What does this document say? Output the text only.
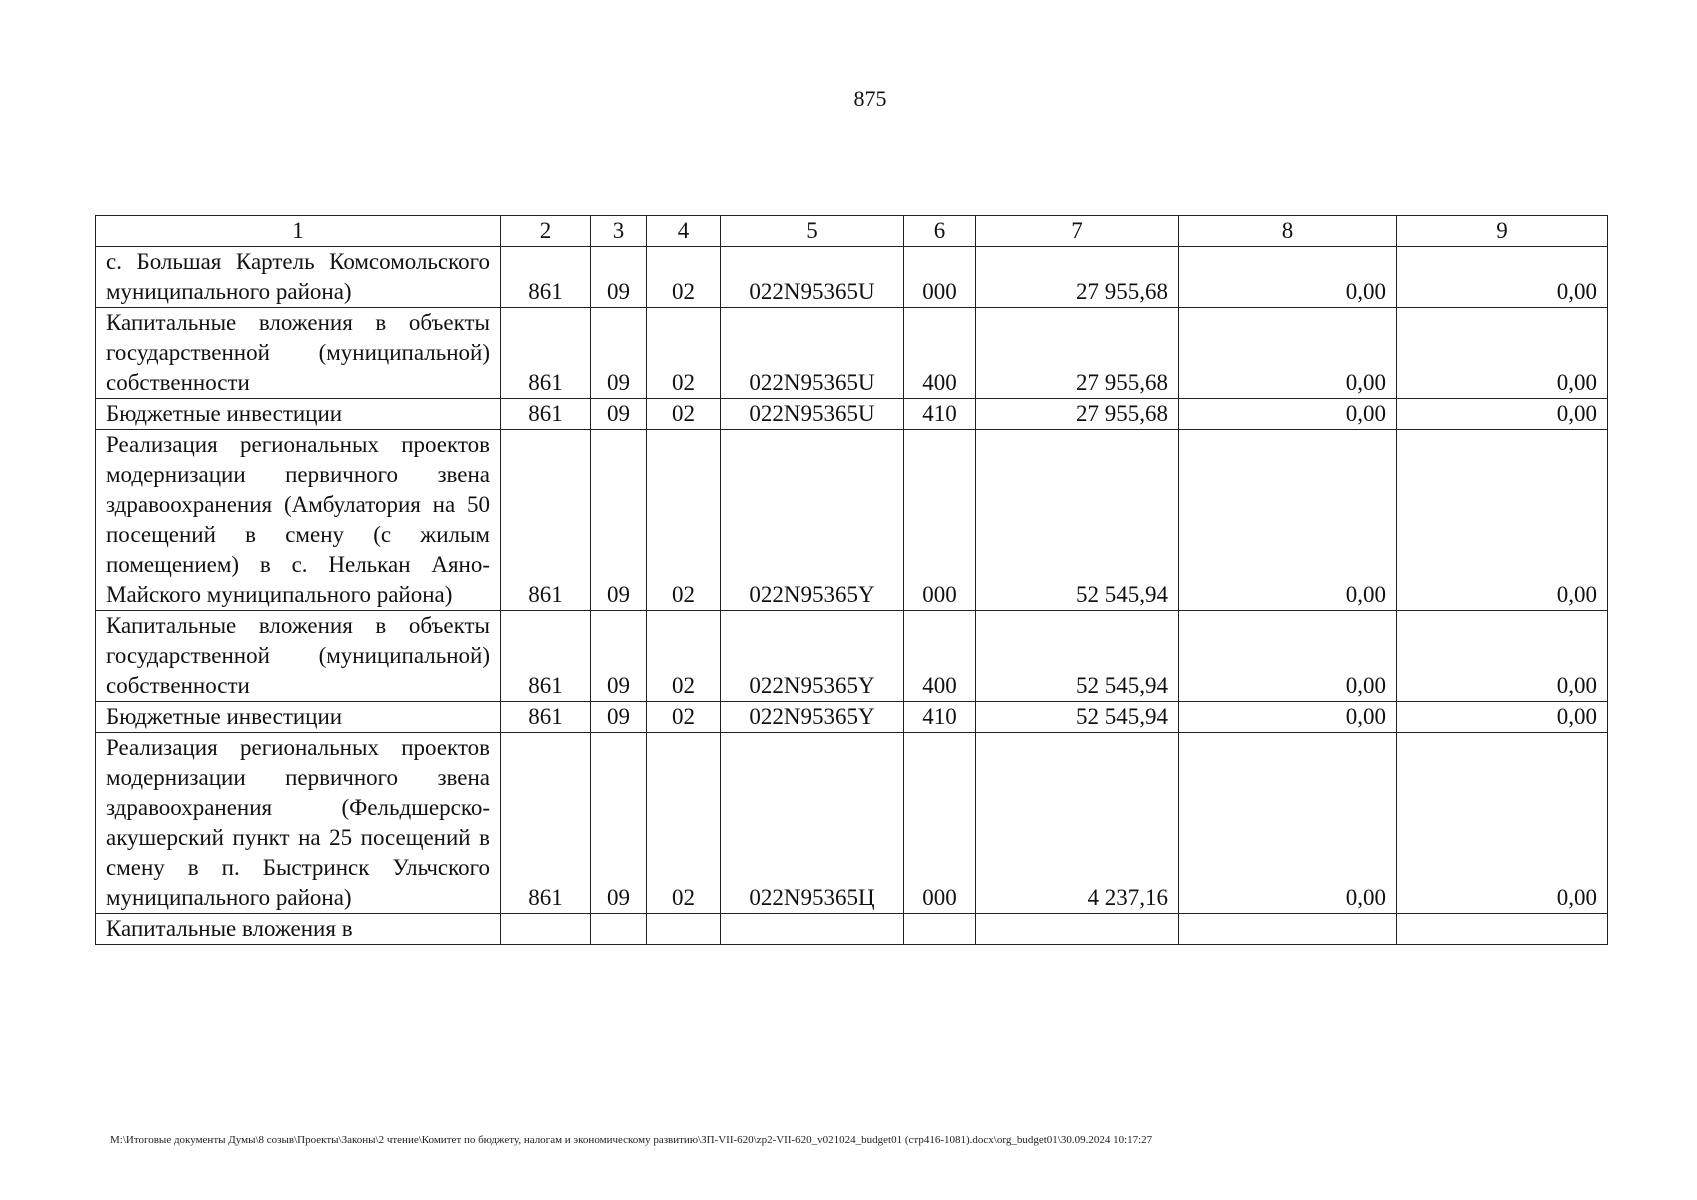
875
1	2	3	4	5	6	7	8	9
с. Большая Картель Комсомольского муниципального района)	861	09	02	022N95365U	000	27 955,68	0,00	0,00
Капитальные вложения в объекты государственной (муниципальной) собственности	861	09	02	022N95365U	400	27 955,68	0,00	0,00
Бюджетные инвестиции	861	09	02	022N95365U	410	27 955,68	0,00	0,00
Реализация региональных проектов модернизации первичного звена здравоохранения (Амбулатория на 50 посещений в смену (с жилым помещением) в с. Нелькан Аяно-Майского муниципального района)	861	09	02	022N95365Y	000	52 545,94	0,00	0,00
Капитальные вложения в объекты государственной (муниципальной) собственности	861	09	02	022N95365Y	400	52 545,94	0,00	0,00
Бюджетные инвестиции	861	09	02	022N95365Y	410	52 545,94	0,00	0,00
Реализация региональных проектов модернизации первичного звена здравоохранения (Фельдшерско-акушерский пункт на 25 посещений в смену в п. Быстринск Ульчского муниципального района)	861	09	02	022N95365Ц	000	4 237,16	0,00	0,00
Капитальные вложения в								
M:\Итоговые документы Думы\8 созыв\Проекты\Законы\2 чтение\Комитет по бюджету, налогам и экономическому развитию\ЗП-VII-620\zp2-VII-620_v021024_budget01 (стр416-1081).docx\org_budget01\30.09.2024 10:17:27
